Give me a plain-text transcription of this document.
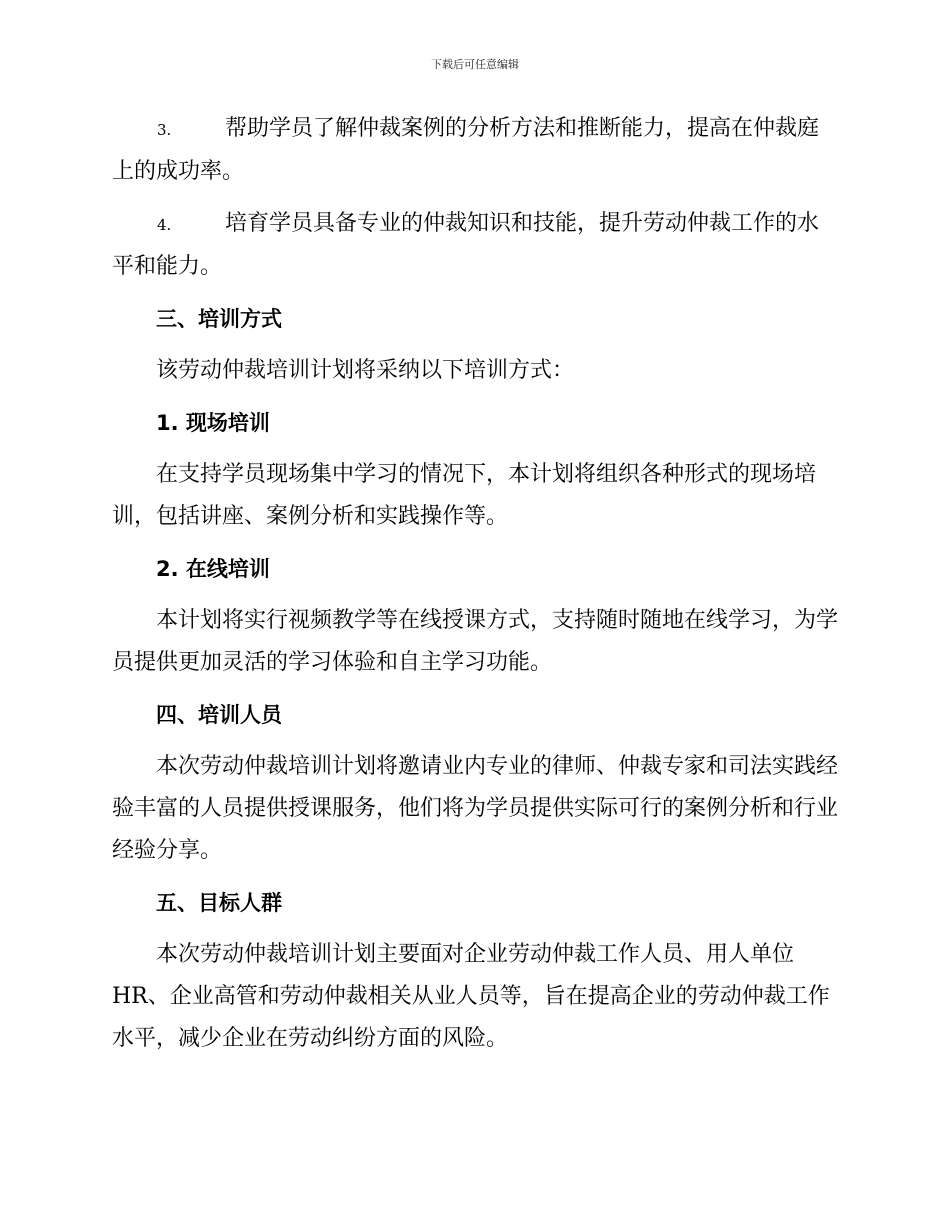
下载后可任意编辑

3. 帮助学员了解仲裁案例的分析方法和推断能力，提高在仲裁庭上的成功率。

4. 培育学员具备专业的仲裁知识和技能，提升劳动仲裁工作的水平和能力。

三、培训方式

该劳动仲裁培训计划将采纳以下培训方式：

1. 现场培训

在支持学员现场集中学习的情况下，本计划将组织各种形式的现场培训，包括讲座、案例分析和实践操作等。

2. 在线培训

本计划将实行视频教学等在线授课方式，支持随时随地在线学习，为学员提供更加灵活的学习体验和自主学习功能。

四、培训人员

本次劳动仲裁培训计划将邀请业内专业的律师、仲裁专家和司法实践经验丰富的人员提供授课服务，他们将为学员提供实际可行的案例分析和行业经验分享。

五、目标人群

本次劳动仲裁培训计划主要面对企业劳动仲裁工作人员、用人单位HR、企业高管和劳动仲裁相关从业人员等，旨在提高企业的劳动仲裁工作水平，减少企业在劳动纠纷方面的风险。
